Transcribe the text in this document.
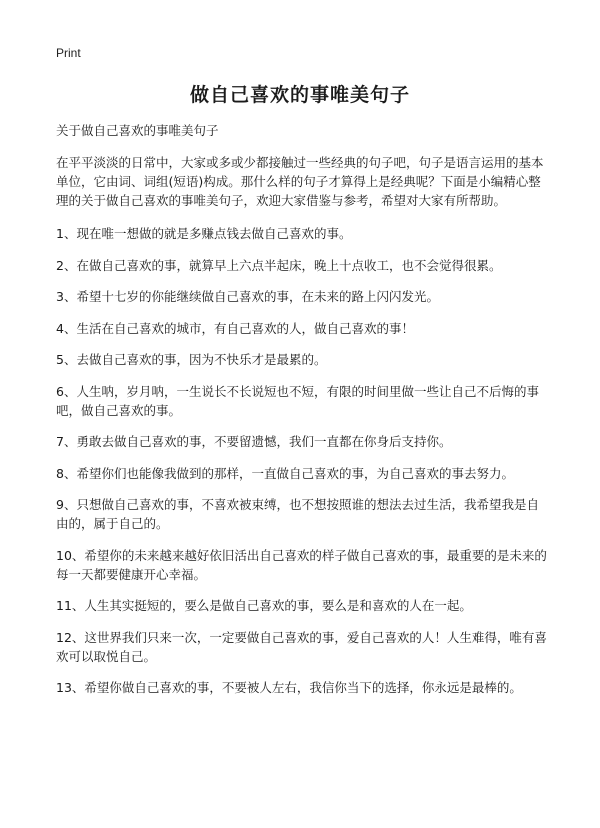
Print
做自己喜欢的事唯美句子

关于做自己喜欢的事唯美句子

在平平淡淡的日常中，大家或多或少都接触过一些经典的句子吧，句子是语言运用的基本单位，它由词、词组(短语)构成。那什么样的句子才算得上是经典呢？下面是小编精心整理的关于做自己喜欢的事唯美句子，欢迎大家借鉴与参考，希望对大家有所帮助。

1、现在唯一想做的就是多赚点钱去做自己喜欢的事。
2、在做自己喜欢的事，就算早上六点半起床，晚上十点收工，也不会觉得很累。
3、希望十七岁的你能继续做自己喜欢的事，在未来的路上闪闪发光。
4、生活在自己喜欢的城市，有自己喜欢的人，做自己喜欢的事！
5、去做自己喜欢的事，因为不快乐才是最累的。
6、人生呐，岁月呐，一生说长不长说短也不短，有限的时间里做一些让自己不后悔的事吧，做自己喜欢的事。
7、勇敢去做自己喜欢的事，不要留遗憾，我们一直都在你身后支持你。
8、希望你们也能像我做到的那样，一直做自己喜欢的事，为自己喜欢的事去努力。
9、只想做自己喜欢的事，不喜欢被束缚，也不想按照谁的想法去过生活，我希望我是自由的，属于自己的。
10、希望你的未来越来越好依旧活出自己喜欢的样子做自己喜欢的事，最重要的是未来的每一天都要健康开心幸福。
11、人生其实挺短的，要么是做自己喜欢的事，要么是和喜欢的人在一起。
12、这世界我们只来一次，一定要做自己喜欢的事，爱自己喜欢的人！人生难得，唯有喜欢可以取悦自己。
13、希望你做自己喜欢的事，不要被人左右，我信你当下的选择，你永远是最棒的。
